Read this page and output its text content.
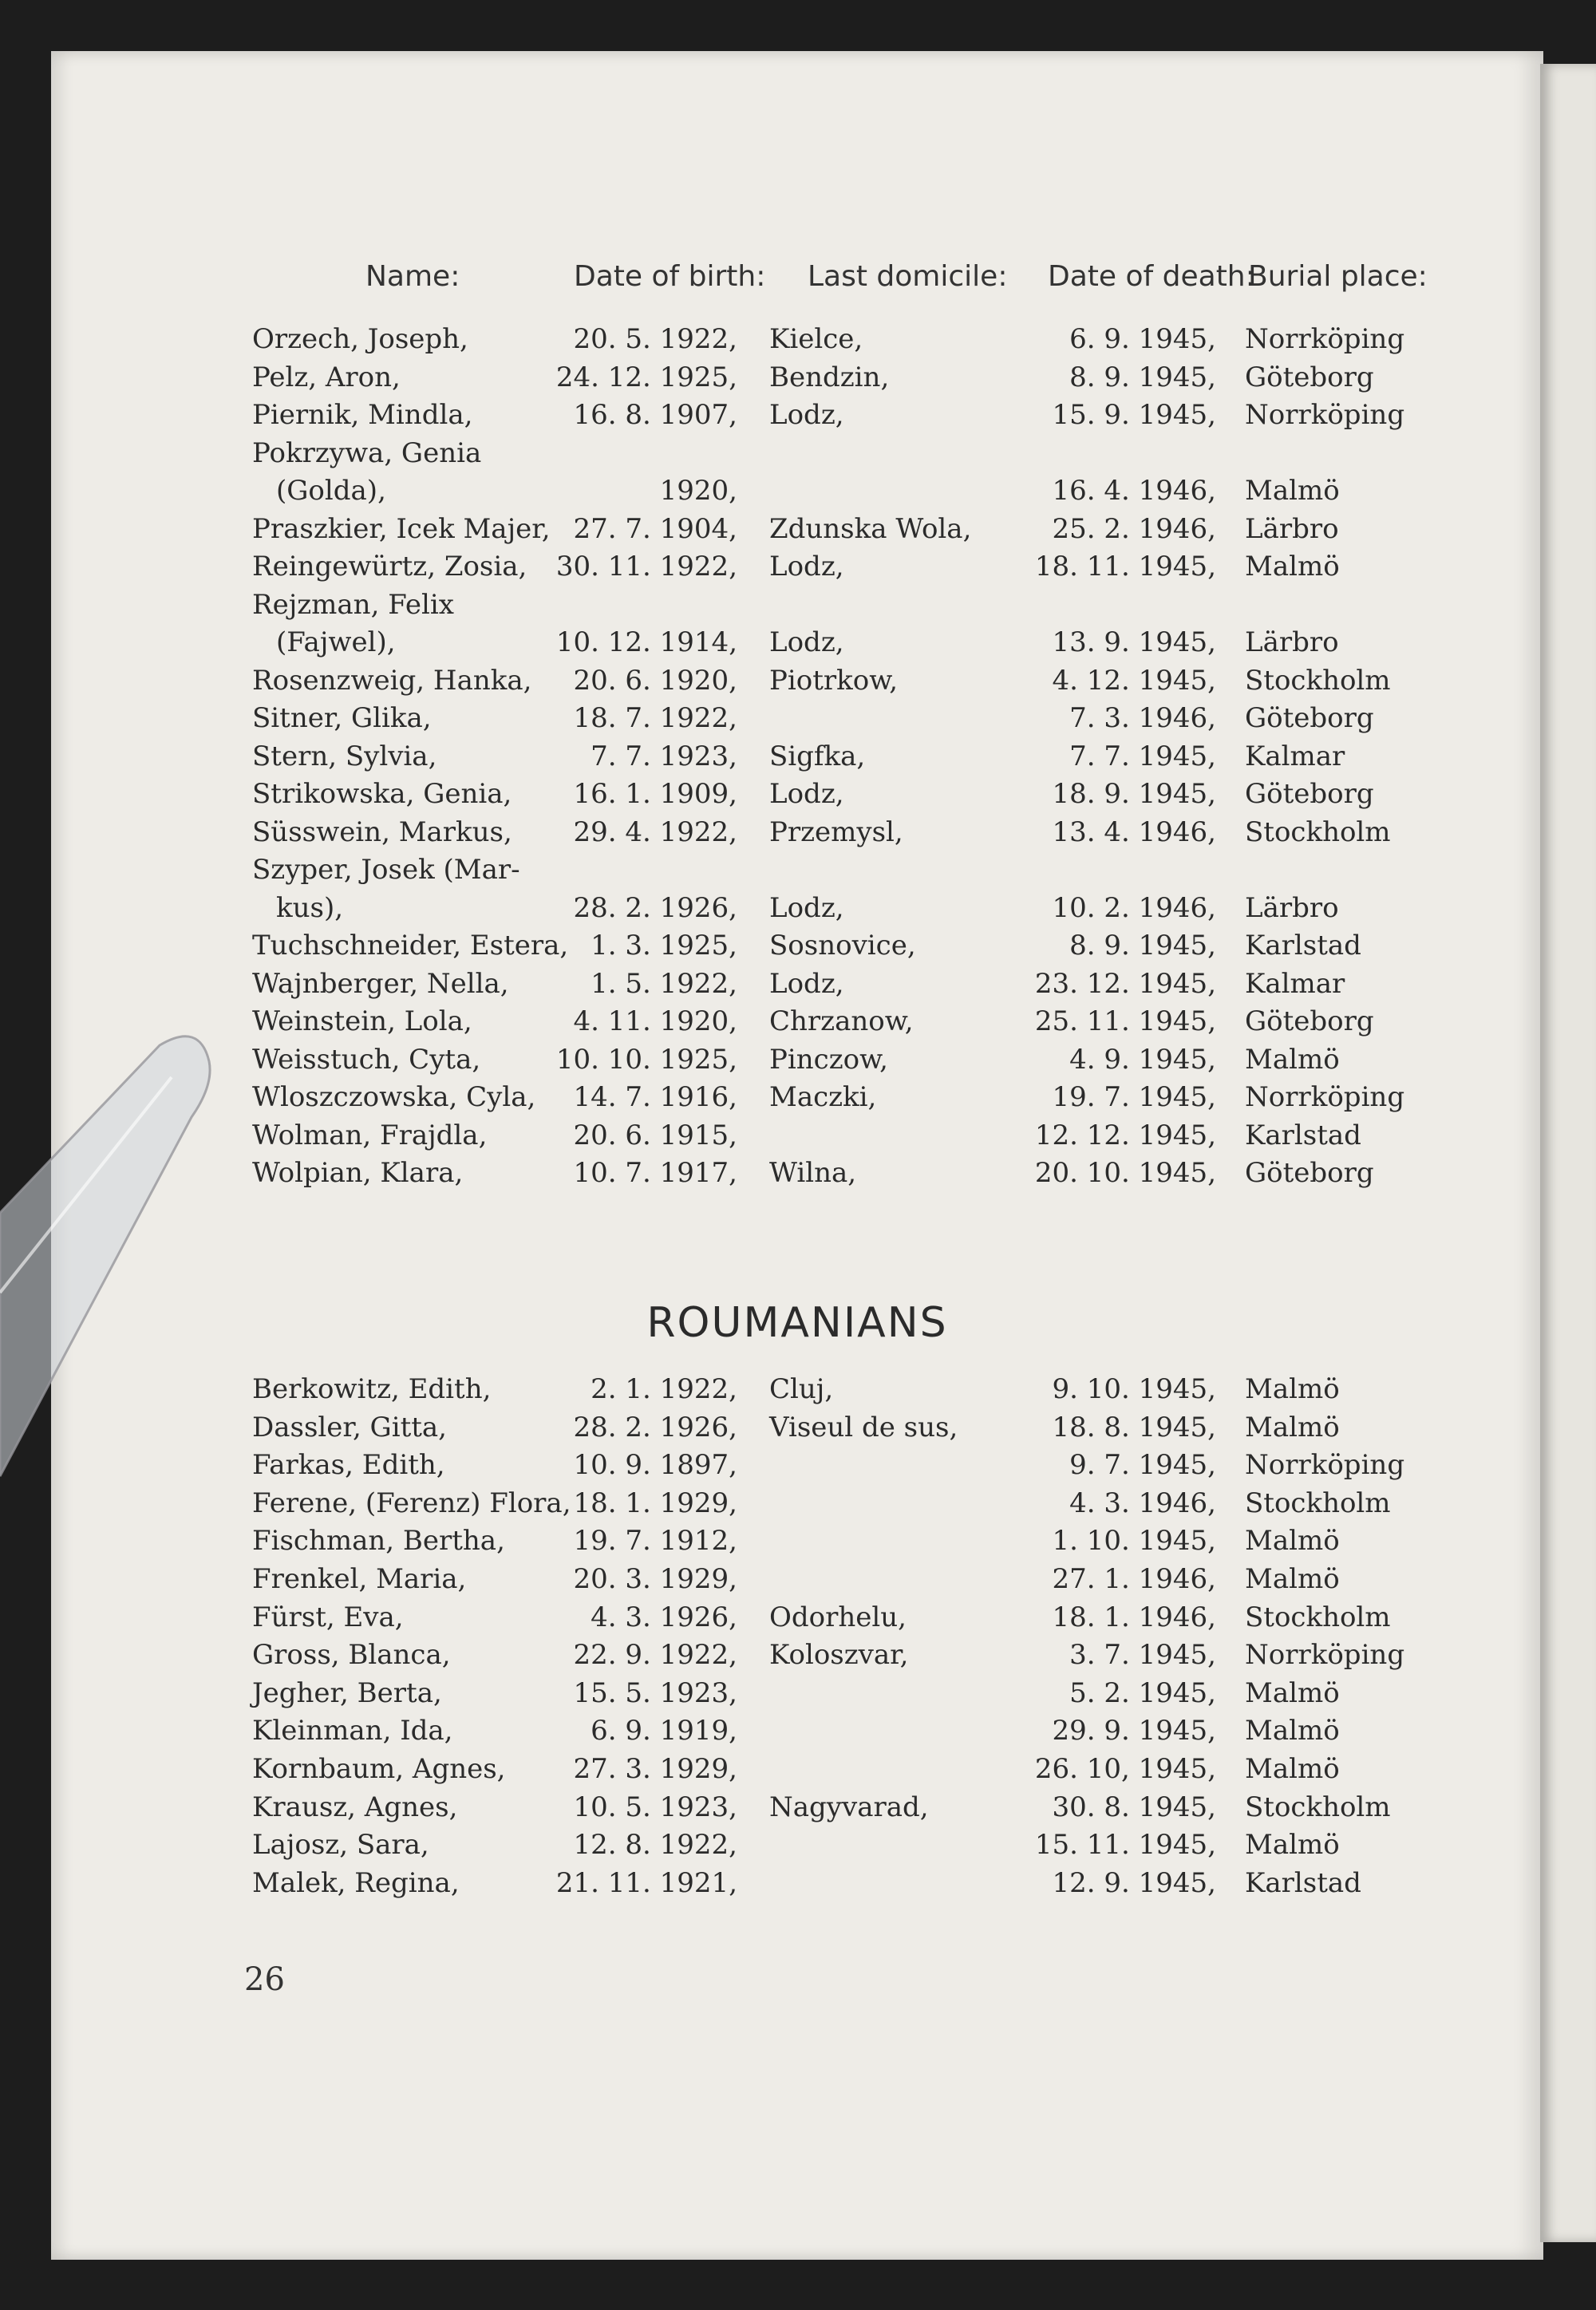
Name:	Date of birth: Last domicile: Date of death:
Burial place:
Orzech, Joseph,	20. 5. 1922, Kielce,	6. 9. 1945, Norrköping
Pelz, Aron,	24. 12. 1925, Bendzin,	8. 9. 1945, Göteborg
Piernik, Mindla,	16. 8. 1907, Lodz,	15. 9. 1945, Norrköping
Pokrzywa, Genia
(Golda),	1920,	16. 4. 1946, Malmö
Praszkier, Icek Majer, 27. 7. 1904, Zdunska Wola,	25. 2. 1946, Lärbro
Reingewürtz, Zosia, 30. 11. 1922, Lodz,	18. 11. 1945, Malmö
Rejzman, Felix
(Fajwel),	10. 12. 1914, Lodz,	13. 9. 1945, Lärbro
Rosenzweig, Hanka, 20. 6. 1920, Piotrkow,	4. 12. 1945, Stockholm
Sitner, Glika,	18. 7. 1922,	7. 3. 1946, Göteborg
Stern, Sylvia,	7. 7. 1923, Sigfka,	7. 7. 1945, Kalmar
Strikowska, Genia, 16. 1. 1909, Lodz,	18. 9. 1945, Göteborg
Süsswein, Markus, 29. 4. 1922, Przemysl,	13. 4. 1946, Stockholm
Szyper, Josek (Mar-
kus),	28. 2. 1926, Lodz,	10. 2. 1946, Lärbro
Tuchschneider, Estera, 1. 3. 1925, Sosnovice,	8. 9. 1945, Karlstad
Wajnberger, Nella,	1. 5. 1922, Lodz,	23. 12. 1945, Kalmar
Weinstein, Lola,	4. 11. 1920, Chrzanow,	25. 11. 1945, Göteborg
Weisstuch, Cyta,	10. 10. 1925, Pinczow,	4. 9. 1945, Malmö
Wloszczowska, Cyla, 14. 7. 1916, Maczki,	19. 7. 1945, Norrköping
Wolman, Frajdla,	20. 6. 1915,	12. 12. 1945, Karlstad
Wolpian, Klara,	10. 7. 1917, Wilna,	20. 10. 1945, Göteborg
ROUMANIANS
Berkowitz, Edith,	2. 1. 1922, Cluj,	9. 10. 1945, Malmö
Dassler, Gitta,	28. 2. 1926, Viseul de sus,	18. 8. 1945, Malmö
Farkas, Edith,	10. 9. 1897,	9. 7. 1945, Norrköping
Ferene, (Ferenz) Flora, 18. 1. 1929,	4. 3. 1946, Stockholm
Fischman, Bertha,	19. 7. 1912,	1. 10. 1945, Malmö
Frenkel, Maria,	20. 3. 1929,	27. 1. 1946, Malmö
Fürst, Eva,	4. 3. 1926, Odorhelu,	18. 1. 1946, Stockholm
Gross, Blanca,	22. 9. 1922, Koloszvar,	3. 7. 1945, Norrköping
Jegher, Berta,	15. 5. 1923,	5. 2. 1945, Malmö
Kleinman, Ida,	6. 9. 1919,	29. 9. 1945, Malmö
Kornbaum, Agnes,	27. 3. 1929,	26. 10, 1945, Malmö
Krausz, Agnes,	10. 5. 1923, Nagyvarad,	30. 8. 1945, Stockholm
Lajosz, Sara,	12. 8. 1922,	15. 11. 1945, Malmö
Malek, Regina,	21. 11. 1921,	12. 9. 1945, Karlstad
26
